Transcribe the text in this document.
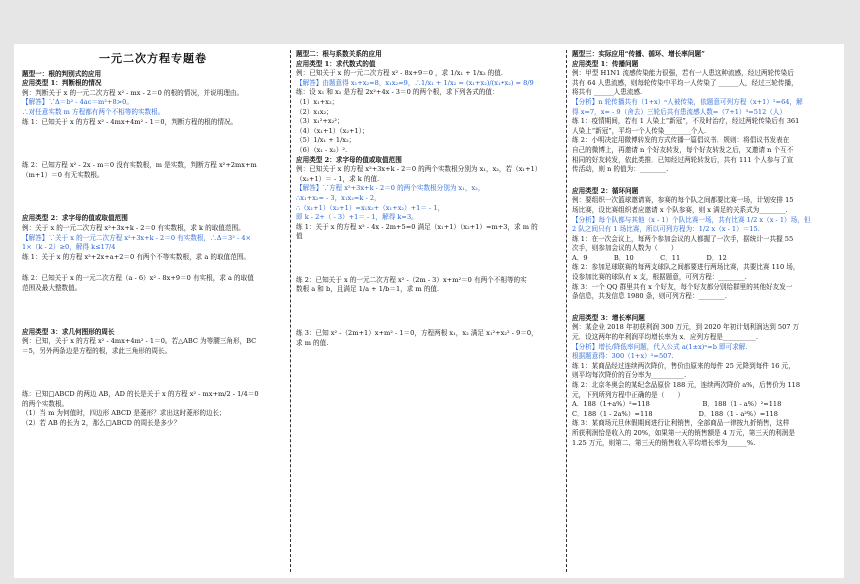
一元二次方程专题卷
题型一：根的判别式的应用
应用类型 1：判断根的情况
例：判断关于 x 的一元二次方程 x² - mx - 2＝0 的根的情况，并说明理由。
【解答】∵Δ＝b² - 4ac＝m²+8>0。
∴对任意实数 m 方程都有两个不相等的实数根。
练 1：已知关于 x 的方程 x² - 4mx+4m² - 1＝0，判断方程的根的情况。
练 2：已知方程 x² - 2x - m＝0 没有实数根，m 是实数，判断方程 x²+2mx+m
（m+1）＝0 有无实数根。
应用类型 2：求字母的值或取值范围
例：关于 x 的一元二次方程 x²+3x+k - 2＝0 有实数根，求 k 的取值范围。
【解答】∵关于 x 的一元二次方程 x²+3x+k - 2＝0 有实数根，∴Δ＝3² - 4×
1×（k - 2）≥0，解得 k≤17/4
练 1：关于 x 的方程 x²+2x+a+2＝0 有两个不等实数根，求 a 的取值范围。
练 2：已知关于 x 的一元二次方程（a - 6）x² - 8x+9＝0 有实根，求 a 的取值
范围及最大整数值。
应用类型 3：求几何图形的周长
例：已知，关于 x 的方程 x² - 4mx+4m² - 1＝0。若△ABC 为等腰三角形，BC
＝5，另外两条边是方程的根，求此三角形的周长。
练：已知□ABCD 的两边 AB，AD 的长是关于 x 的方程 x² - mx+m/2 - 1/4＝0
的两个实数根。
（1）当 m 为何值时，四边形 ABCD 是菱形？求出这时菱形的边长；
（2）若 AB 的长为 2，那么□ABCD 的周长是多少？
题型二：根与系数关系的应用
应用类型 1：求代数式的值
例：已知关于 x 的一元二次方程 x² - 8x+9＝0 ，求 1/x₁ + 1/x₂ 的值.
【解答】由题意得 x₁+x₂=8，x₁x₂=9，∴1/x₁ + 1/x₂ = (x₁+x₂)/(x₁•x₂) = 8/9
练：设 x₁ 和 x₂ 是方程 2x²+4x - 3＝0 的两个根，求下列各式的值：
（1）x₁+x₂；
（2）x₁x₂；
（3）x₁²+x₂²；
（4）（x₁+1）（x₂+1）；
（5）1/x₁ + 1/x₂；
（6）（x₁ - x₂）².
应用类型 2：求字母的值或取值范围
例：已知关于 x 的方程 x²+3x+k - 2＝0 的两个实数根分别为 x₁，x₂，若（x₁+1）
（x₂+1）＝ - 1，求 k 的值.
【解答】∵方程 x²+3x+k - 2＝0 的两个实数根分别为 x₁，x₂，
∴x₁+x₂= - 3，x₁x₂=k - 2，
∴（x₁+1）（x₂+1）=x₁x₂+（x₁+x₂）+1＝ - 1，
即 k - 2+（ - 3）+1＝ - 1，解得 k=3。
练 1：关于 x 的方程 x² - 4x - 2m+5=0 满足（x₁+1）（x₂+1）=m+3，求 m 的
值
练 2：已知关于 x 的一元二次方程 x² -（2m - 3）x+m²＝0 有两个不相等的实
数根 a 和 b，且满足 1/a + 1/b＝1，求 m 的值.
练 3：已知 x² -（2m+1）x+m² - 1＝0，方程两根 x₁，x₂ 满足 x₁²+x₂² - 9＝0，
求 m 的值.
题型三：实际应用“传播、循环、增长率问题”
应用类型 1：传播问题
例：甲型 H1N1 流感传染能力很强，若有一人患这种流感，经过两轮传染后
共有 64 人患流感，则每轮传染中平均一人传染了 ______人，经过三轮传播，
将共有 ______人患流感.
【分析】n 轮传播共有（1+x）ⁿ人被传染，依题意可列方程（x+1）²=64，解
得 x=7，x= - 9（舍去）三轮后共有患流感人数=（7+1）³=512（人）
练 1：疫情期间，若有 1 人染上“新冠”，不及时治疗，经过两轮传染后有 361
人染上“新冠”，平均一个人传染________个人.
练 2：小明决定用微博转发的方式传播一篇倡议书．规则：将倡议书发表在
自己的微博上，再邀请 n 个好友转发，每个好友转发之后，又邀请 n 个互不
相同的好友转发，依此类推．已知经过两轮转发后，共有 111 个人参与了宣
传活动，则 n 的值为：________.
应用类型 2：循环问题
例：要组织一次篮球邀请赛，参赛的每个队之间都要比赛一场，计划安排 15
场比赛，设比赛组织者应邀请 x 个队参赛，则 x 满足的关系式为________.
【分析】每个队都与其他（x - 1）个队比赛一场，共有比赛 1/2 x（x - 1）场，但
2 队之间只有 1 场比赛，所以可列方程为：1/2 x（x - 1）＝15.
练 1：在一次会议上，每两个参加会议的人都握了一次手，据统计一共握 55
次手，则参加会议的人数为（　　）
A．9　　　　B．10　　　　C．11　　　　D．12
练 2：参加足球联赛的每两支球队之间都要进行两场比赛，共要比赛 110 场，
设参加比赛的球队有 x 支，根据题意，可列方程：________.
练 3：一个 QQ 群里共有 x 个好友，每个好友都分别给群里的其他好友发一
条信息，共发信息 1980 条，则可列方程：________.
应用类型 3：增长率问题
例：某企业 2018 年初获利润 300 万元，到 2020 年初计划利润达到 507 万
元．设这两年的年利润平均增长率为 x．应列方程是__________.
【分析】增长/降低率问题，代入公式 a(1±x)ⁿ=b 即可求解.
根据题意得：300（1+x）²=507.
练 1：某商品经过连续两次降价，售价由原来的每件 25 元降到每件 16 元，
则平均每次降价的百分率为__________.
练 2：北京冬奥会的某纪念品原价 188 元，连续两次降价 a%，后售价为 118
元，下列所列方程中正确的是（　　）
A．188（1+a%）²=118　　　　　　　　B．188（1 - a%）²=118
C．188（1 - 2a%）=118　　　　　　　D．188（1 - a²%）=118
练 3：某商场元旦休假期间进行让利销售，全部商品一律按九折销售，这样
所获利润恰是收入的 20%，如果第一天的销售额是 4 万元，第三天的利润是
1.25 万元，则第二、第三天的销售收入平均增长率为______%.
